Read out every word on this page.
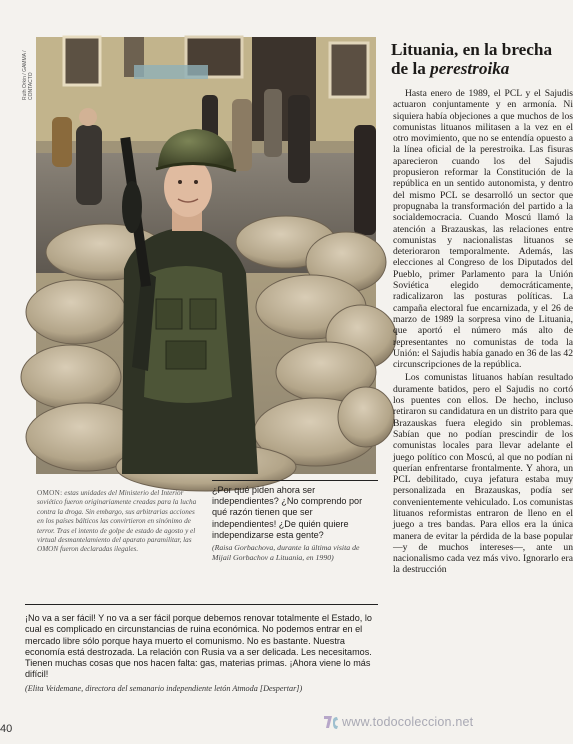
Ruth Orkin / GAMMA / CONTACTO
OMON: estas unidades del Ministerio del Interior soviético fueron originariamente creadas para la lucha contra la droga. Sin embargo, sus arbitrarias acciones en los países bálticos las convirtieron en sinónimo de terror. Tras el intento de golpe de estado de agosto y el virtual desmantelamiento del aparato paramilitar, las OMON fueron declaradas ilegales.
¿Por qué piden ahora ser independientes? ¿No comprendo por qué razón tienen que ser independientes! ¿De quién quiere independizarse esta gente?
(Raisa Gorbachova, durante la última visita de Mijail Gorbachov a Lituania, en 1990)
¡No va a ser fácil! Y no va a ser fácil porque debemos renovar totalmente el Estado, lo cual es complicado en circunstancias de ruina económica. No podemos entrar en el mercado libre sólo porque haya muerto el comunismo. No es bastante. Nuestra economía está destrozada. La relación con Rusia va a ser delicada. Les necesitamos. Tienen muchas cosas que nos hacen falta: gas, materias primas. ¡Ahora viene lo más difícil!
(Elita Veidemane, directora del semanario independiente letón Atmoda [Despertar])
40
Lituania, en la brecha
de la perestroika

Hasta enero de 1989, el PCL y el Sajudis actuaron conjuntamente y en armonía. Ni siquiera había objeciones a que muchos de los comunistas lituanos militasen a la vez en el otro movimiento, que no se entendía opuesto a la línea oficial de la perestroika. Las fisuras aparecieron cuando los del Sajudis propusieron reformar la Constitución de la república en un sentido autonomista, y dentro del mismo PCL se desarrolló un sector que propugnaba la transformación del partido a la socialdemocracia. Cuando Moscú llamó la atención a Brazauskas, las relaciones entre comunistas y nacionalistas lituanos se deterioraron temporalmente. Además, las elecciones al Congreso de los Diputados del Pueblo, primer Parlamento para la Unión Soviética elegido democráticamente, radicalizaron las posturas políticas. La campaña electoral fue encarnizada, y el 26 de marzo de 1989 la sorpresa vino de Lituania, que aportó el número más alto de representantes no comunistas de toda la Unión: el Sajudis había ganado en 36 de las 42 circunscripciones de la república.

Los comunistas lituanos habían resultado duramente batidos, pero el Sajudis no cortó los puentes con ellos. De hecho, incluso retiraron su candidatura en un distrito para que Brazauskas fuera elegido sin problemas. Sabían que no podían prescindir de los comunistas locales para llevar adelante el juego político con Moscú, al que no podían ni querían enfrentarse frontalmente. Y ahora, un PCL debilitado, cuya jefatura estaba muy personalizada en Brazauskas, podía ser convenientemente vehiculado. Los comunistas lituanos reformistas entraron de lleno en el juego a tres bandas. Para ellos era la única manera de evitar la pérdida de la base popular —y de muchos intereses—, ante un nacionalismo cada vez más vivo. Ignorarlo era la destrucción

www.todocoleccion.net
